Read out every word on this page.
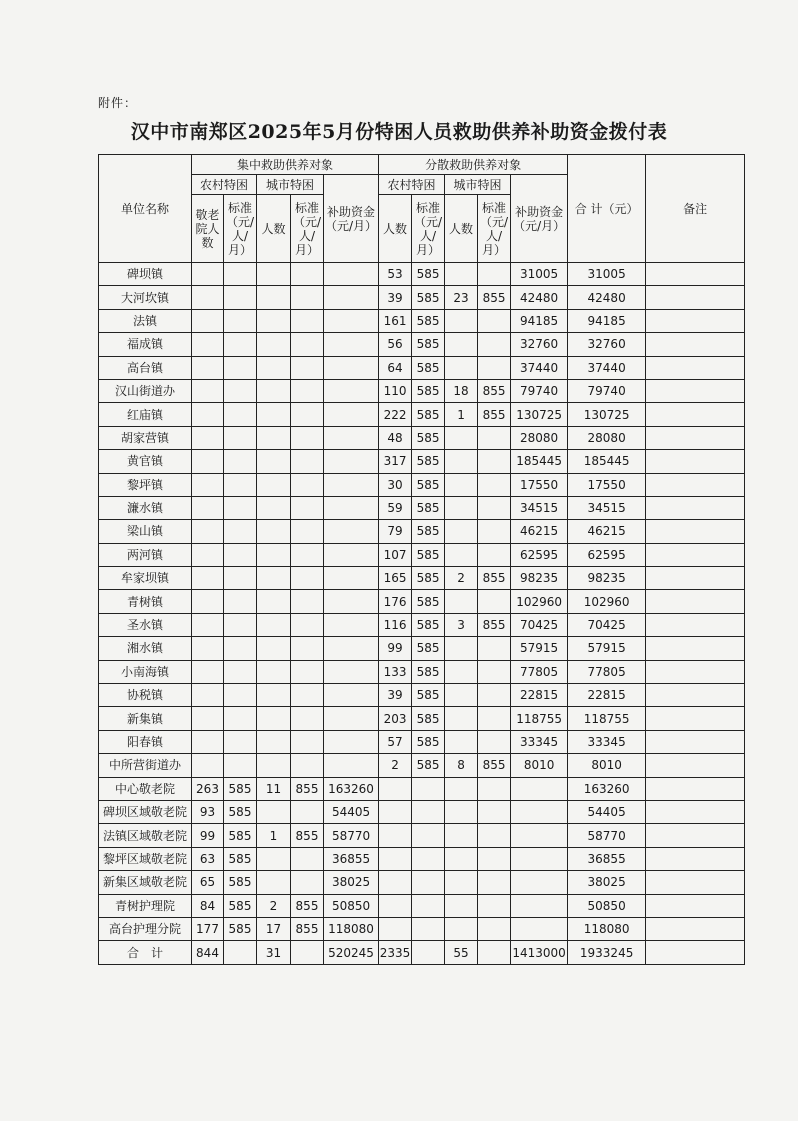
附件：
汉中市南郑区2025年5月份特困人员救助供养补助资金拨付表
单位名称	集中救助供养对象					分散救助供养对象					合 计（元）	备注
	农村特困		城市特困		补助资金（元/月）	农村特困		城市特困		补助资金（元/月）		
	敬老院人数	标准（元/人/月）	人数	标准（元/人/月）		人数	标准（元/人/月）	人数	标准（元/人/月）			
碑坝镇						53	585			31005	31005	
大河坎镇						39	585	23	855	42480	42480	
法镇						161	585			94185	94185	
福成镇						56	585			32760	32760	
高台镇						64	585			37440	37440	
汉山街道办						110	585	18	855	79740	79740	
红庙镇						222	585	1	855	130725	130725	
胡家营镇						48	585			28080	28080	
黄官镇						317	585			185445	185445	
黎坪镇						30	585			17550	17550	
濂水镇						59	585			34515	34515	
梁山镇						79	585			46215	46215	
两河镇						107	585			62595	62595	
牟家坝镇						165	585	2	855	98235	98235	
青树镇						176	585			102960	102960	
圣水镇						116	585	3	855	70425	70425	
湘水镇						99	585			57915	57915	
小南海镇						133	585			77805	77805	
协税镇						39	585			22815	22815	
新集镇						203	585			118755	118755	
阳春镇						57	585			33345	33345	
中所营街道办						2	585	8	855	8010	8010	
中心敬老院	263	585	11	855	163260						163260	
碑坝区域敬老院	93	585			54405						54405	
法镇区域敬老院	99	585	1	855	58770						58770	
黎坪区域敬老院	63	585			36855						36855	
新集区域敬老院	65	585			38025						38025	
青树护理院	84	585	2	855	50850						50850	
高台护理分院	177	585	17	855	118080						118080	
合　计	844		31		520245	2335		55		1413000	1933245	
